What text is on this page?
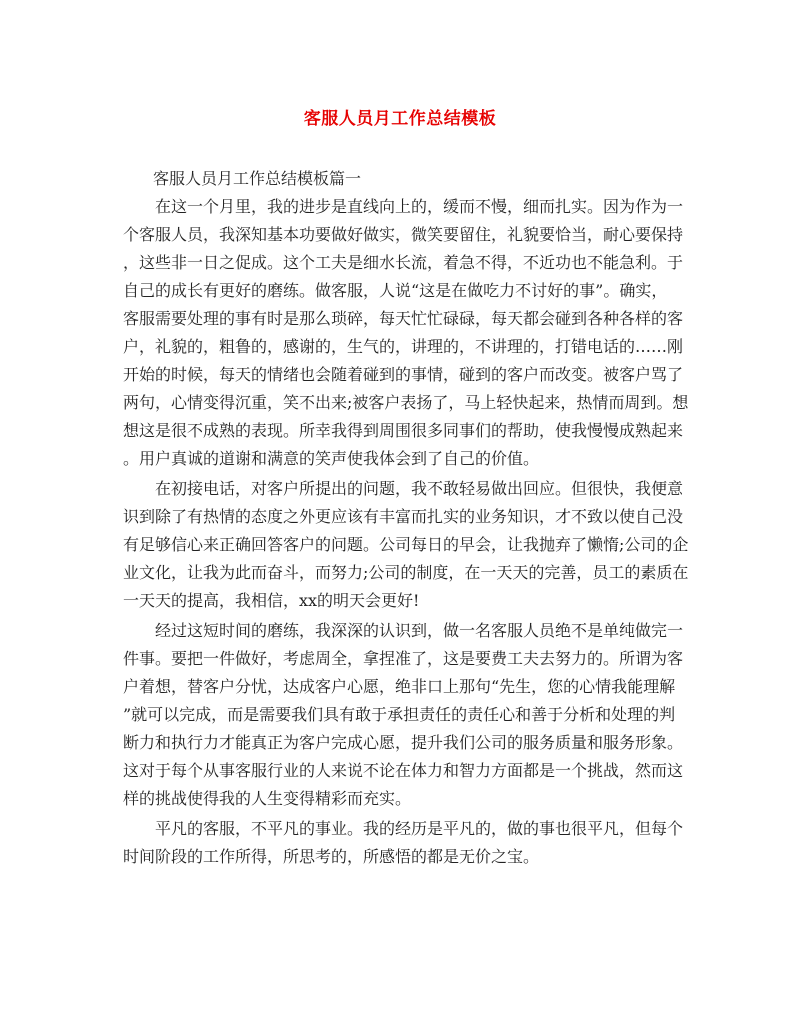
客服人员月工作总结模板
客服人员月工作总结模板篇一

在这一个月里，我的进步是直线向上的，缓而不慢，细而扎实。因为作为一
个客服人员，我深知基本功要做好做实，微笑要留住，礼貌要恰当，耐心要保持
，这些非一日之促成。这个工夫是细水长流，着急不得，不近功也不能急利。于
自己的成长有更好的磨练。做客服，人说“这是在做吃力不讨好的事”。确实，
客服需要处理的事有时是那么琐碎，每天忙忙碌碌，每天都会碰到各种各样的客
户，礼貌的，粗鲁的，感谢的，生气的，讲理的，不讲理的，打错电话的……刚
开始的时候，每天的情绪也会随着碰到的事情，碰到的客户而改变。被客户骂了
两句，心情变得沉重，笑不出来;被客户表扬了，马上轻快起来，热情而周到。想
想这是很不成熟的表现。所幸我得到周围很多同事们的帮助，使我慢慢成熟起来
。用户真诚的道谢和满意的笑声使我体会到了自己的价值。

在初接电话，对客户所提出的问题，我不敢轻易做出回应。但很快，我便意
识到除了有热情的态度之外更应该有丰富而扎实的业务知识，才不致以使自己没
有足够信心来正确回答客户的问题。公司每日的早会，让我抛弃了懒惰;公司的企
业文化，让我为此而奋斗，而努力;公司的制度，在一天天的完善，员工的素质在
一天天的提高，我相信，xx的明天会更好!

经过这短时间的磨练，我深深的认识到，做一名客服人员绝不是单纯做完一
件事。要把一件做好，考虑周全，拿捏准了，这是要费工夫去努力的。所谓为客
户着想，替客户分忧，达成客户心愿，绝非口上那句“先生，您的心情我能理解
”就可以完成，而是需要我们具有敢于承担责任的责任心和善于分析和处理的判
断力和执行力才能真正为客户完成心愿，提升我们公司的服务质量和服务形象。
这对于每个从事客服行业的人来说不论在体力和智力方面都是一个挑战，然而这
样的挑战使得我的人生变得精彩而充实。

平凡的客服，不平凡的事业。我的经历是平凡的，做的事也很平凡，但每个
时间阶段的工作所得，所思考的，所感悟的都是无价之宝。
